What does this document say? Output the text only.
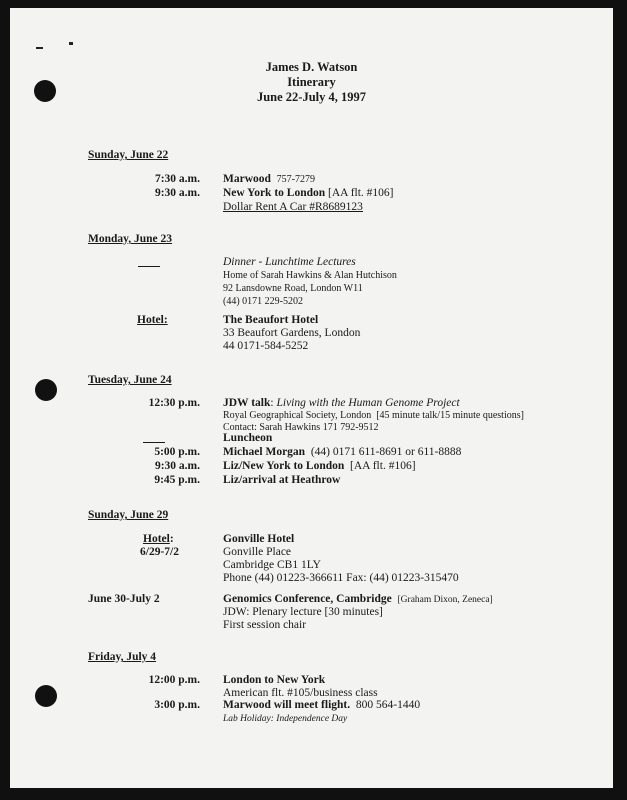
James D. Watson
Itinerary
June 22-July 4, 1997
Sunday, June 22
7:30 a.m. Marwood 757-7279
9:30 a.m. New York to London [AA flt. #106]
Dollar Rent A Car #R8689123
Monday, June 23
Dinner - Lunchtime Lectures
Home of Sarah Hawkins & Alan Hutchison
92 Lansdowne Road, London W11
(44) 0171 229-5202
Hotel:	The Beaufort Hotel
33 Beaufort Gardens, London
44 0171-584-5252
Tuesday, June 24
12:30 p.m. JDW talk: Living with the Human Genome Project
Royal Geographical Society, London [45 minute talk/15 minute questions]
Contact: Sarah Hawkins 171 792-9512
Luncheon
5:00 p.m. Michael Morgan (44) 0171 611-8691 or 611-8888
9:30 a.m. Liz/New York to London [AA flt. #106]
9:45 p.m. Liz/arrival at Heathrow
Sunday, June 29
Hotel:
6/29-7/2
Gonville Hotel
Gonville Place
Cambridge CB1 1LY
Phone (44) 01223-366611 Fax: (44) 01223-315470
June 30-July 2	Genomics Conference, Cambridge [Graham Dixon, Zeneca]
JDW: Plenary lecture [30 minutes]
First session chair
Friday, July 4
12:00 p.m. London to New York
American flt. #105/business class
3:00 p.m. Marwood will meet flight. 800 564-1440
Lab Holiday: Independence Day
